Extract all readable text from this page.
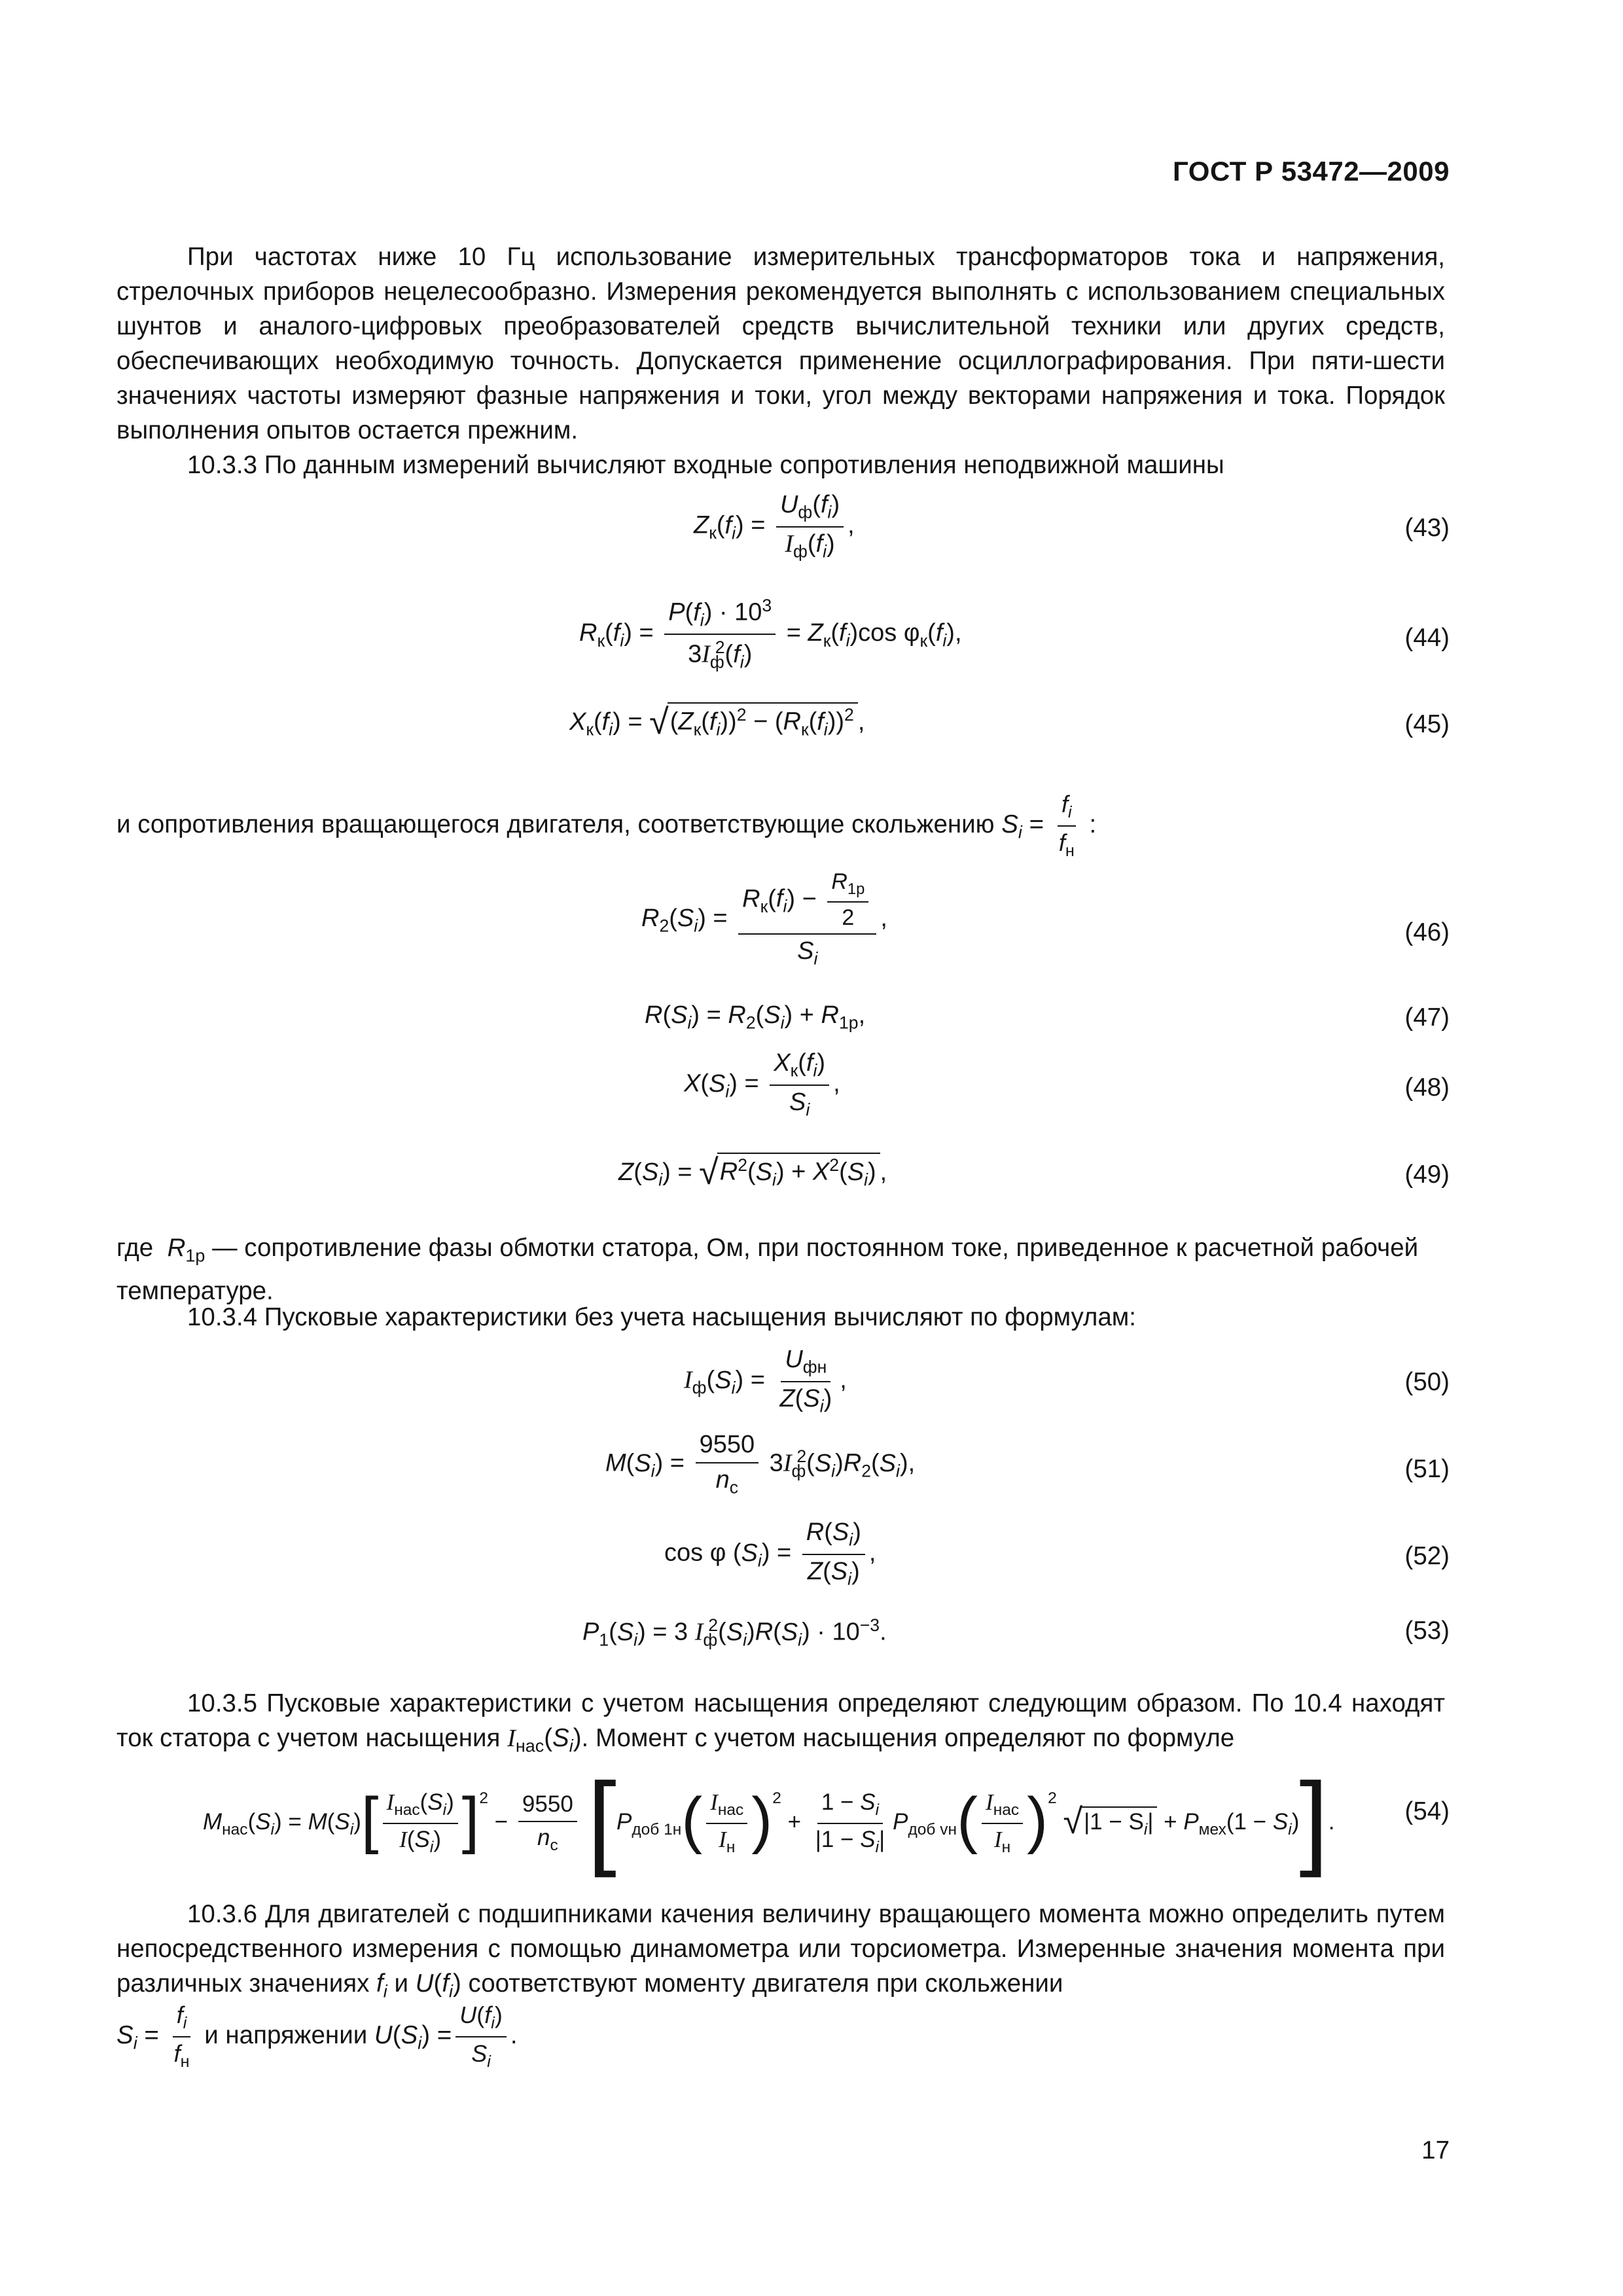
ГОСТ Р 53472—2009

При частотах ниже 10 Гц использование измерительных трансформаторов тока и напряжения, стрелочных приборов нецелесообразно. Измерения рекомендуется выполнять с использованием специальных шунтов и аналого-цифровых преобразователей средств вычислительной техники или других средств, обеспечивающих необходимую точность. Допускается применение осциллографирования. При пяти-шести значениях частоты измеряют фазные напряжения и токи, угол между векторами напряжения и тока. Порядок выполнения опытов остается прежним.

10.3.3 По данным измерений вычисляют входные сопротивления неподвижной машины

$Z_к(f_i) = \frac{U_ф(f_i)}{I_ф(f_i)}$ ,	(43)
$R_к(f_i) = \frac{P(f_i) \cdot 10^3}{3I_ф^2(f_i)} = Z_к(f_i)\cos$ $\varphi_к(f_i)$,	(44)
$X_к(f_i) = √(Z_к(f_i))^2 - (R_к(f_i))^2$ ,	(45)
и сопротивления вращающегося двигателя, соответствующие скольжению $S_i = \frac{f_i}{f_н}$ :
$R_2(S_i) = \frac{R_к(f_i) - \frac{R_{1р}}{2}}{S_i}$ ,	(46)
$R(S_i) = R_2(S_i) + R_{1р}$,	(47)
$X(S_i) = \frac{X_к(f_i)}{S_i}$ ,	(48)
$Z(S_i) = √R^2(S_i) + X^2(S_i)$ ,	(49)
где $R_{1р}$ — сопротивление фазы обмотки статора, Ом, при постоянном токе, приведенное к расчетной рабочей температуре.

10.3.4 Пусковые характеристики без учета насыщения вычисляют по формулам:

$I_ф(S_i) = \frac{U_{фн}}{Z(S_i)}$ ,	(50)
$M(S_i) = \frac{9550}{n_с} 3I_ф^2(S_i)R_2(S_i)$,	(51)
cos φ $(S_i) = \frac{R(S_i)}{Z(S_i)}$ ,	(52)
$P_1(S_i) = 3$ $I_ф^2(S_i)R(S_i) \cdot 10^{-3}$.	(53)

10.3.5 Пусковые характеристики с учетом насыщения определяют следующим образом. По 10.4 находят ток статора с учетом насыщения $I_{нас}(S_i)$. Момент с учетом насыщения определяют по формуле

$M_{нас}(S_i) = M(S_i)[ \frac{I_{нас}(S_i)}{I(S_i)} ]^2 - \frac{9550}{n_с} [P_{доб 1н}( \frac{I_{нас}}{I_н} )^2 + \frac{1 - S_i}{|1 - S_i|} P_{доб vн}( \frac{I_{нас}}{I_н} )^2$ $√|1 - S_i| + P_{мех}(1 - S_i)$].	(54)

10.3.6 Для двигателей с подшипниками качения величину вращающего момента можно определить путем непосредственного измерения с помощью динамометра или торсиометра. Измеренные значения момента при различных значениях $f_i$ и $U(f_i)$ соответствуют моменту двигателя при скольжении

$S_i = \frac{f_i}{f_н}$ и напряжении $U(S_i) = \frac{U(f_i)}{S_i}$ .
17
